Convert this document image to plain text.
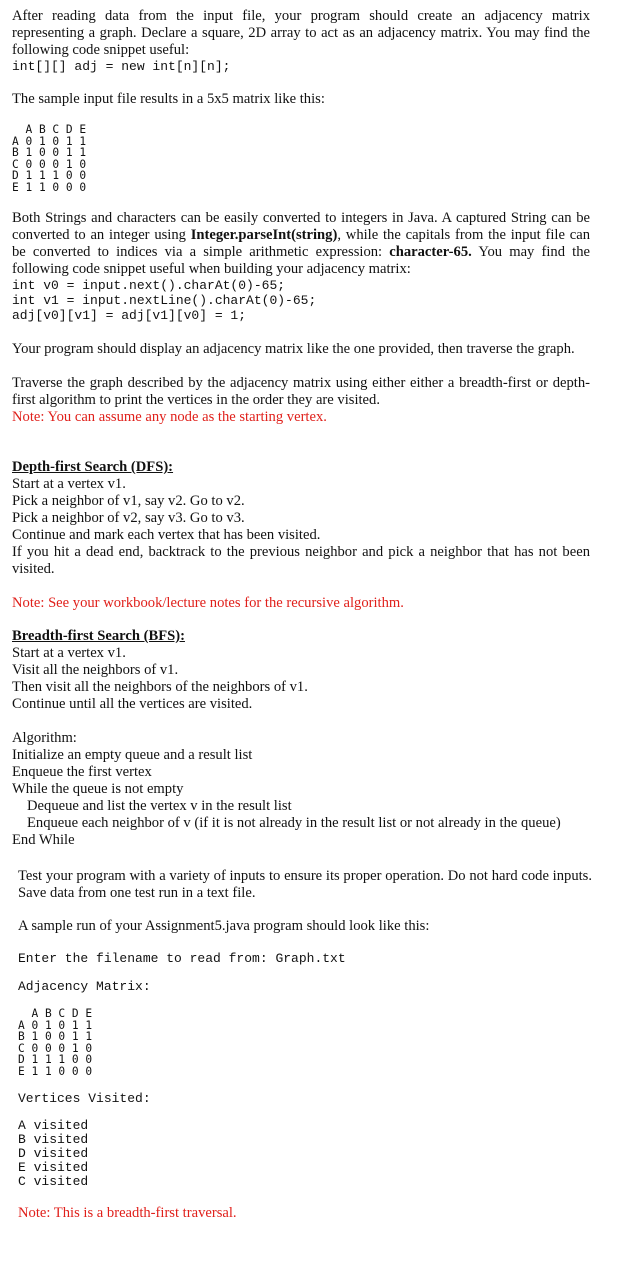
After reading data from the input file, your program should create an adjacency matrix representing a graph. Declare a square, 2D array to act as an adjacency matrix. You may find the following code snippet useful:

int[][] adj = new int[n][n];

The sample input file results in a 5x5 matrix like this:

A B C D E

A 0 1 0 1 1

B 1 0 0 1 1

C 0 0 0 1 0

D 1 1 1 0 0

E 1 1 0 0 0

Both Strings and characters can be easily converted to integers in Java. A captured String can be converted to an integer using Integer.parseInt(string), while the capitals from the input file can be converted to indices via a simple arithmetic expression: character-65. You may find the following code snippet useful when building your adjacency matrix:

int v0 = input.next().charAt(0)-65;

int v1 = input.nextLine().charAt(0)-65;

adj[v0][v1] = adj[v1][v0] = 1;

Your program should display an adjacency matrix like the one provided, then traverse the graph.

Traverse the graph described by the adjacency matrix using either either a breadth-first or depth-first algorithm to print the vertices in the order they are visited.

Note: You can assume any node as the starting vertex.

Depth-first Search (DFS):
Start at a vertex v1.
Pick a neighbor of v1, say v2. Go to v2.
Pick a neighbor of v2, say v3. Go to v3.
Continue and mark each vertex that has been visited.

If you hit a dead end, backtrack to the previous neighbor and pick a neighbor that has not been visited.

Note: See your workbook/lecture notes for the recursive algorithm.

Breadth-first Search (BFS):
Start at a vertex v1.
Visit all the neighbors of v1.
Then visit all the neighbors of the neighbors of v1.
Continue until all the vertices are visited.
Algorithm:
Initialize an empty queue and a result list
Enqueue the first vertex
While the queue is not empty
Dequeue and list the vertex v in the result list
Enqueue each neighbor of v (if it is not already in the result list or not already in the queue)
End While

Test your program with a variety of inputs to ensure its proper operation. Do not hard code inputs. Save data from one test run in a text file.

A sample run of your Assignment5.java program should look like this:

Enter the filename to read from: Graph.txt

Adjacency Matrix:

A B C D E

A 0 1 0 1 1

B 1 0 0 1 1

C 0 0 0 1 0

D 1 1 1 0 0

E 1 1 0 0 0

Vertices Visited:

A visited

B visited

D visited

E visited

C visited

Note: This is a breadth-first traversal.
